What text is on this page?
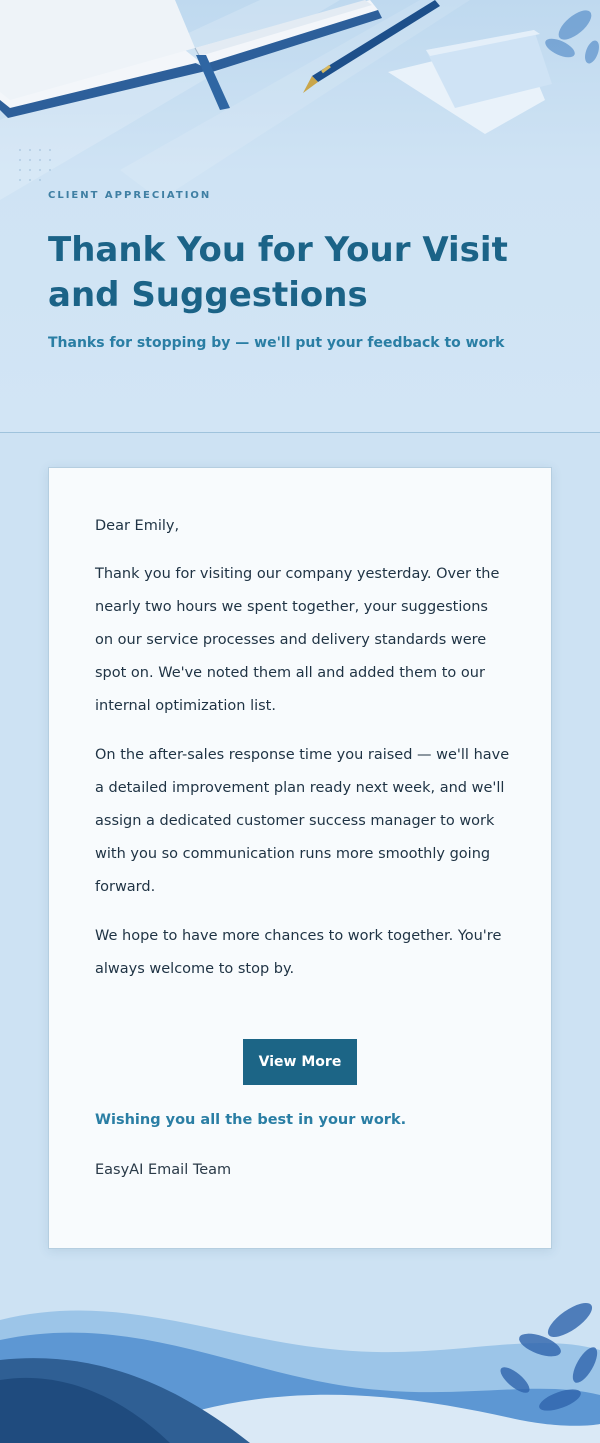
CLIENT APPRECIATION

Thank You for Your Visit and Suggestions

Thanks for stopping by — we'll put your feedback to work

Dear Emily,

Thank you for visiting our company yesterday. Over the nearly two hours we spent together, your suggestions on our service processes and delivery standards were spot on. We've noted them all and added them to our internal optimization list.

On the after-sales response time you raised — we'll have a detailed improvement plan ready next week, and we'll assign a dedicated customer success manager to work with you so communication runs more smoothly going forward.

We hope to have more chances to work together. You're always welcome to stop by.

View More

Wishing you all the best in your work.

EasyAI Email Team
